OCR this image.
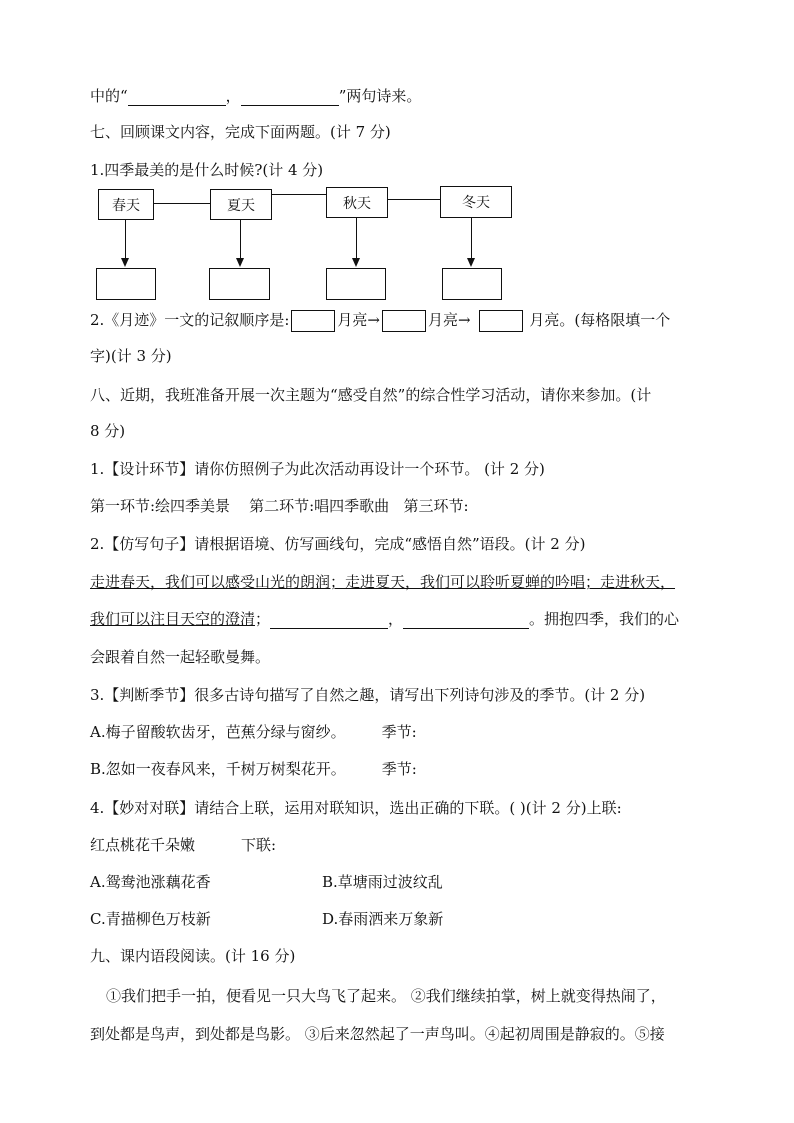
中的“	，	”两句诗来。
七、回顾课文内容，完成下面两题。(计 7 分)
1.四季最美的是什么时候?(计 4 分)
春天	夏天	秋天	冬天
2.《月迹》一文的记叙顺序是:	月亮→	月亮→	月亮。(每格限填一个
字)(计 3 分)
八、近期，我班准备开展一次主题为“感受自然”的综合性学习活动，请你来参加。(计
8 分)
1.【设计环节】请你仿照例子为此次活动再设计一个环节。 (计 2 分)
第一环节:绘四季美景    第二环节:唱四季歌曲   第三环节:
2.【仿写句子】请根据语境、仿写画线句，完成“感悟自然”语段。(计 2 分)
走进春天，我们可以感受山光的朗润；走进夏天，我们可以聆听夏蝉的吟唱；走进秋天，
我们可以注目天空的澄清；	，	。拥抱四季，我们的心
会跟着自然一起轻歌曼舞。
3.【判断季节】很多古诗句描写了自然之趣，请写出下列诗句涉及的季节。(计 2 分)
A.梅子留酸软齿牙，芭蕉分绿与窗纱。 季节:
B.忽如一夜春风来，千树万树梨花开。 季节:
4.【妙对对联】请结合上联，运用对联知识，选出正确的下联。( )(计 2 分)上联:
红点桃花千朵嫩	下联:
A.鸳鸯池涨藕花香	B.草塘雨过波纹乱
C.青描柳色万枝新	D.春雨洒来万象新
九、课内语段阅读。(计 16 分)
①我们把手一拍，便看见一只大鸟飞了起来。 ②我们继续拍掌，树上就变得热闹了，
到处都是鸟声，到处都是鸟影。 ③后来忽然起了一声鸟叫。④起初周围是静寂的。⑤接
